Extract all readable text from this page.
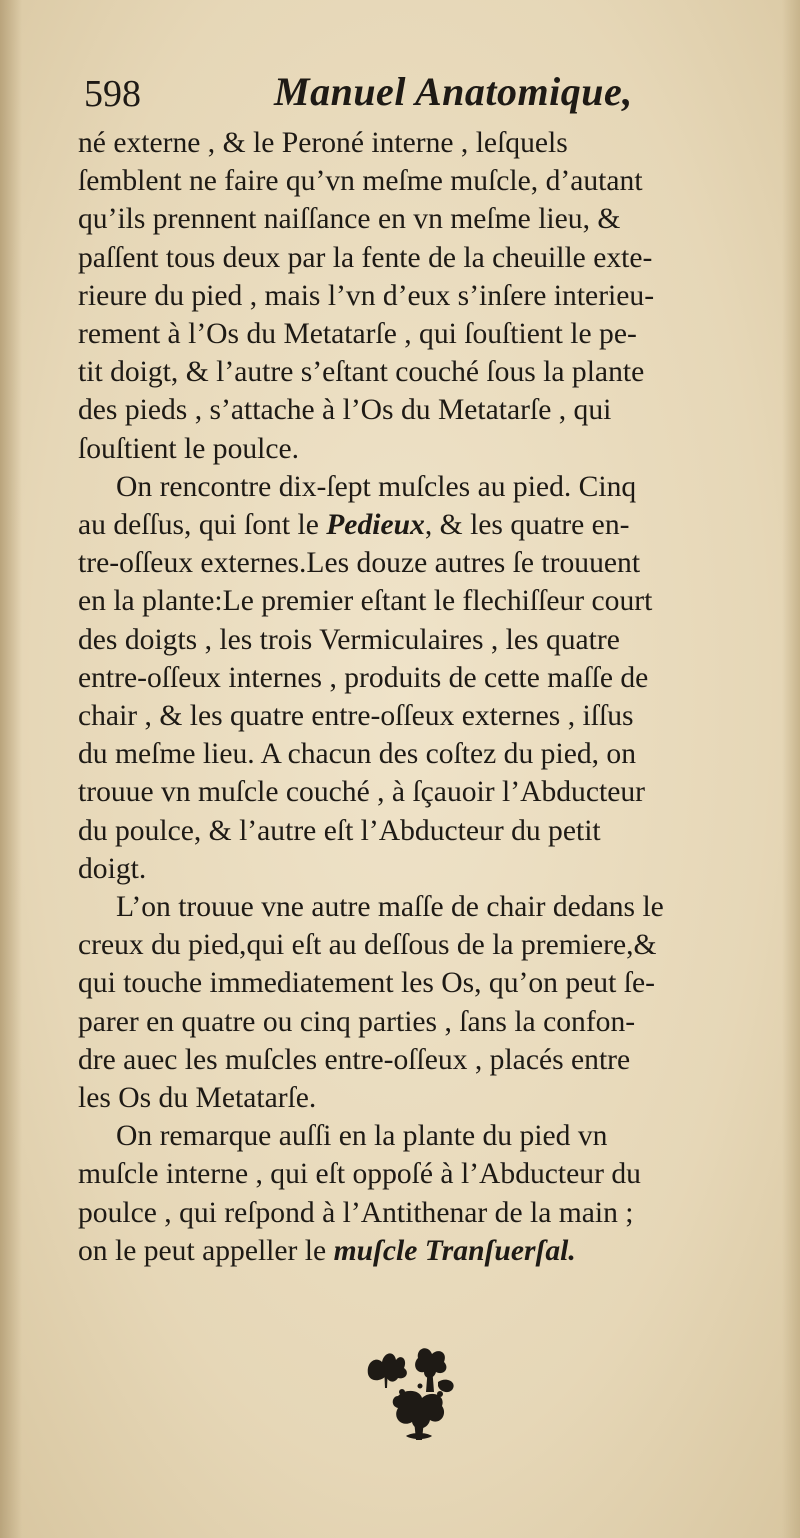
598	Manuel Anatomique,

né externe , & le Peroné interne , leſquels
ſemblent ne faire qu’vn meſme muſcle, d’autant
qu’ils prennent naiſſance en vn meſme lieu, &
paſſent tous deux par la fente de la cheuille exte-
rieure du pied , mais l’vn d’eux s’inſere interieu-
rement à l’Os du Metatarſe , qui ſouſtient le pe-
tit doigt, & l’autre s’eſtant couché ſous la plante
des pieds , s’attache à l’Os du Metatarſe , qui
ſouſtient le poulce.

On rencontre dix-ſept muſcles au pied. Cinq
au deſſus, qui ſont le Pedieux, & les quatre en-
tre-oſſeux externes.Les douze autres ſe trouuent
en la plante:Le premier eſtant le flechiſſeur court
des doigts , les trois Vermiculaires , les quatre
entre-oſſeux internes , produits de cette maſſe de
chair , & les quatre entre-oſſeux externes , iſſus
du meſme lieu. A chacun des coſtez du pied, on
trouue vn muſcle couché , à ſçauoir l’Abducteur
du poulce, & l’autre eſt l’Abducteur du petit
doigt.

L’on trouue vne autre maſſe de chair dedans le
creux du pied,qui eſt au deſſous de la premiere,&
qui touche immediatement les Os, qu’on peut ſe-
parer en quatre ou cinq parties , ſans la confon-
dre auec les muſcles entre-oſſeux , placés entre
les Os du Metatarſe.

On remarque auſſi en la plante du pied vn
muſcle interne , qui eſt oppoſé à l’Abducteur du
poulce , qui reſpond à l’Antithenar de la main ;
on le peut appeller le muſcle Tranſuerſal.
